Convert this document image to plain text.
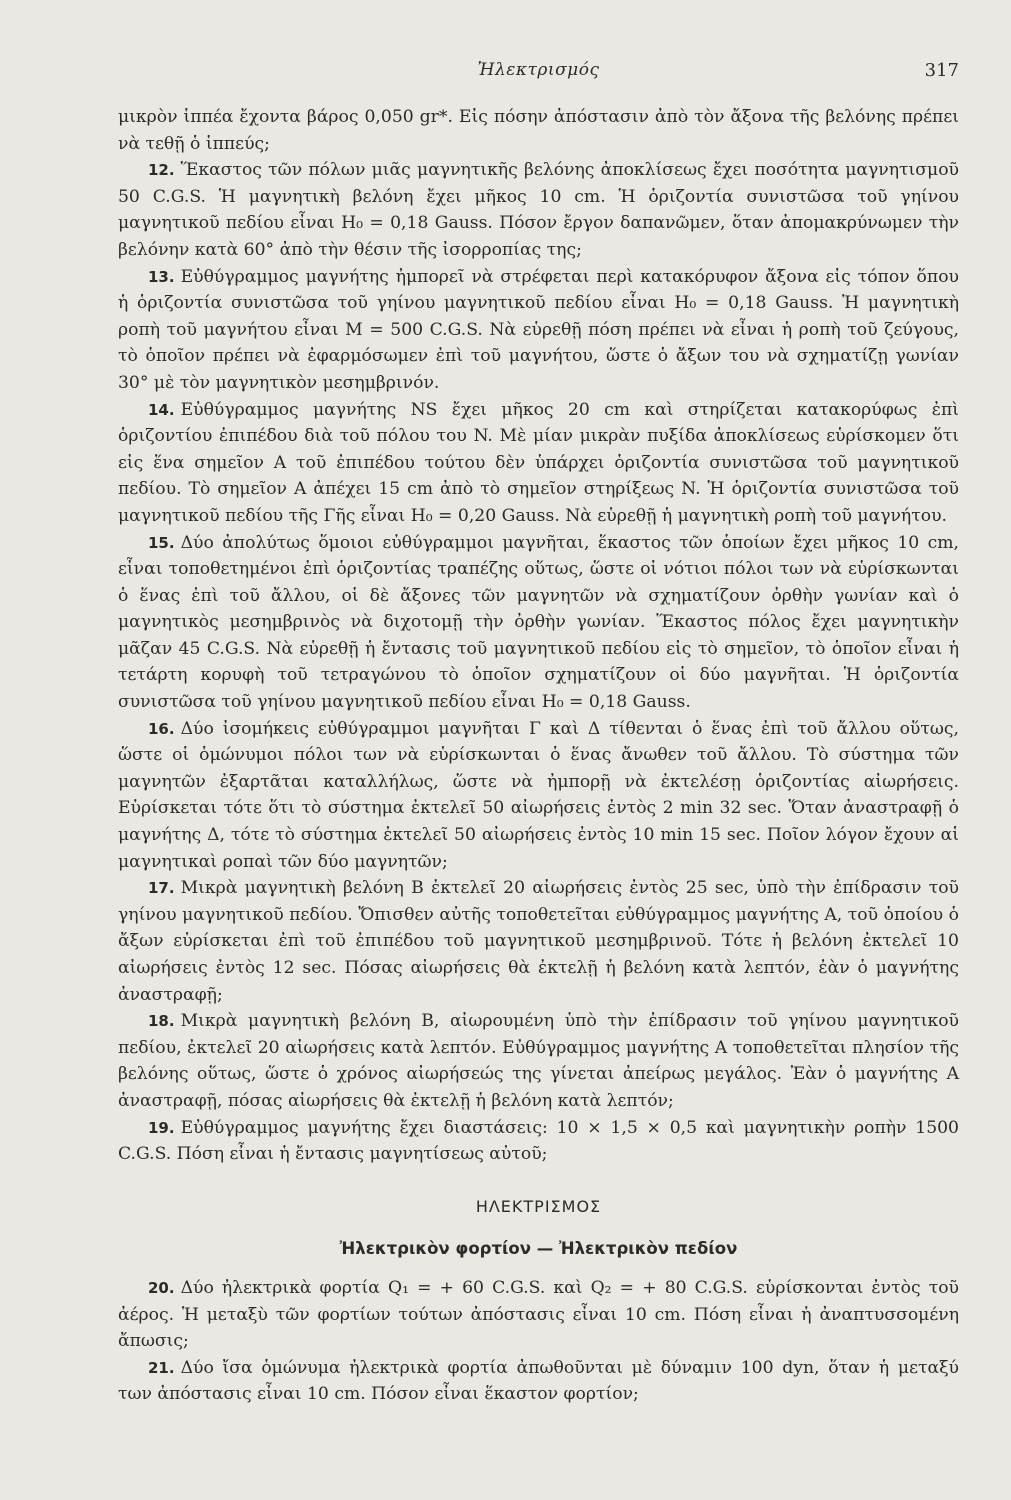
Ἠλεκτρισμός	317

μικρὸν ἱππέα ἔχοντα βάρος 0,050 gr*. Εἰς πόσην ἀπόστασιν ἀπὸ τὸν ἄξονα τῆς βελόνης πρέπει νὰ τεθῇ ὁ ἱππεύς;

12. Ἕκαστος τῶν πόλων μιᾶς μαγνητικῆς βελόνης ἀποκλίσεως ἔχει ποσότητα μαγνητισμοῦ 50 C.G.S. Ἡ μαγνητικὴ βελόνη ἔχει μῆκος 10 cm. Ἡ ὁριζοντία συνιστῶσα τοῦ γηίνου μαγνητικοῦ πεδίου εἶναι H₀ = 0,18 Gauss. Πόσον ἔργον δαπανῶμεν, ὅταν ἀπομακρύνωμεν τὴν βελόνην κατὰ 60° ἀπὸ τὴν θέσιν τῆς ἰσορροπίας της;

13. Εὐθύγραμμος μαγνήτης ἠμπορεῖ νὰ στρέφεται περὶ κατακόρυφον ἄξονα εἰς τόπον ὅπου ἡ ὁριζοντία συνιστῶσα τοῦ γηίνου μαγνητικοῦ πεδίου εἶναι H₀ = 0,18 Gauss. Ἡ μαγνητικὴ ροπὴ τοῦ μαγνήτου εἶναι M = 500 C.G.S. Νὰ εὑρεθῇ πόση πρέπει νὰ εἶναι ἡ ροπὴ τοῦ ζεύγους, τὸ ὁποῖον πρέπει νὰ ἐφαρμόσωμεν ἐπὶ τοῦ μαγνήτου, ὥστε ὁ ἄξων του νὰ σχηματίζῃ γωνίαν 30° μὲ τὸν μαγνητικὸν μεσημβρινόν.

14. Εὐθύγραμμος μαγνήτης NS ἔχει μῆκος 20 cm καὶ στηρίζεται κατακορύφως ἐπὶ ὁριζοντίου ἐπιπέδου διὰ τοῦ πόλου του N. Μὲ μίαν μικρὰν πυξίδα ἀποκλίσεως εὑρίσκομεν ὅτι εἰς ἕνα σημεῖον A τοῦ ἐπιπέδου τούτου δὲν ὑπάρχει ὁριζοντία συνιστῶσα τοῦ μαγνητικοῦ πεδίου. Τὸ σημεῖον A ἀπέχει 15 cm ἀπὸ τὸ σημεῖον στηρίξεως N. Ἡ ὁριζοντία συνιστῶσα τοῦ μαγνητικοῦ πεδίου τῆς Γῆς εἶναι H₀ = 0,20 Gauss. Νὰ εὑρεθῇ ἡ μαγνητικὴ ροπὴ τοῦ μαγνήτου.

15. Δύο ἀπολύτως ὅμοιοι εὐθύγραμμοι μαγνῆται, ἕκαστος τῶν ὁποίων ἔχει μῆκος 10 cm, εἶναι τοποθετημένοι ἐπὶ ὁριζοντίας τραπέζης οὕτως, ὥστε οἱ νότιοι πόλοι των νὰ εὑρίσκωνται ὁ ἕνας ἐπὶ τοῦ ἄλλου, οἱ δὲ ἄξονες τῶν μαγνητῶν νὰ σχηματίζουν ὀρθὴν γωνίαν καὶ ὁ μαγνητικὸς μεσημβρινὸς νὰ διχοτομῇ τὴν ὀρθὴν γωνίαν. Ἕκαστος πόλος ἔχει μαγνητικὴν μᾶζαν 45 C.G.S. Νὰ εὑρεθῇ ἡ ἔντασις τοῦ μαγνητικοῦ πεδίου εἰς τὸ σημεῖον, τὸ ὁποῖον εἶναι ἡ τετάρτη κορυφὴ τοῦ τετραγώνου τὸ ὁποῖον σχηματίζουν οἱ δύο μαγνῆται. Ἡ ὁριζοντία συνιστῶσα τοῦ γηίνου μαγνητικοῦ πεδίου εἶναι H₀ = 0,18 Gauss.

16. Δύο ἰσομήκεις εὐθύγραμμοι μαγνῆται Γ καὶ Δ τίθενται ὁ ἕνας ἐπὶ τοῦ ἄλλου οὕτως, ὥστε οἱ ὁμώνυμοι πόλοι των νὰ εὑρίσκωνται ὁ ἕνας ἄνωθεν τοῦ ἄλλου. Τὸ σύστημα τῶν μαγνητῶν ἐξαρτᾶται καταλλήλως, ὥστε νὰ ἠμπορῇ νὰ ἐκτελέσῃ ὁριζοντίας αἰωρήσεις. Εὑρίσκεται τότε ὅτι τὸ σύστημα ἐκτελεῖ 50 αἰωρήσεις ἐντὸς 2 min 32 sec. Ὅταν ἀναστραφῇ ὁ μαγνήτης Δ, τότε τὸ σύστημα ἐκτελεῖ 50 αἰωρήσεις ἐντὸς 10 min 15 sec. Ποῖον λόγον ἔχουν αἱ μαγνητικαὶ ροπαὶ τῶν δύο μαγνητῶν;

17. Μικρὰ μαγνητικὴ βελόνη B ἐκτελεῖ 20 αἰωρήσεις ἐντὸς 25 sec, ὑπὸ τὴν ἐπίδρασιν τοῦ γηίνου μαγνητικοῦ πεδίου. Ὄπισθεν αὐτῆς τοποθετεῖται εὐθύγραμμος μαγνήτης A, τοῦ ὁποίου ὁ ἄξων εὑρίσκεται ἐπὶ τοῦ ἐπιπέδου τοῦ μαγνητικοῦ μεσημβρινοῦ. Τότε ἡ βελόνη ἐκτελεῖ 10 αἰωρήσεις ἐντὸς 12 sec. Πόσας αἰωρήσεις θὰ ἐκτελῇ ἡ βελόνη κατὰ λεπτόν, ἐὰν ὁ μαγνήτης ἀναστραφῇ;

18. Μικρὰ μαγνητικὴ βελόνη B, αἰωρουμένη ὑπὸ τὴν ἐπίδρασιν τοῦ γηίνου μαγνητικοῦ πεδίου, ἐκτελεῖ 20 αἰωρήσεις κατὰ λεπτόν. Εὐθύγραμμος μαγνήτης A τοποθετεῖται πλησίον τῆς βελόνης οὕτως, ὥστε ὁ χρόνος αἰωρήσεώς της γίνεται ἀπείρως μεγάλος. Ἐὰν ὁ μαγνήτης A ἀναστραφῇ, πόσας αἰωρήσεις θὰ ἐκτελῇ ἡ βελόνη κατὰ λεπτόν;

19. Εὐθύγραμμος μαγνήτης ἔχει διαστάσεις: 10 × 1,5 × 0,5 καὶ μαγνητικὴν ροπὴν 1500 C.G.S. Πόση εἶναι ἡ ἔντασις μαγνητίσεως αὐτοῦ;

ΗΛΕΚΤΡΙΣΜΟΣ
Ἠλεκτρικὸν φορτίον — Ἠλεκτρικὸν πεδίον

20. Δύο ἠλεκτρικὰ φορτία Q₁ = + 60 C.G.S. καὶ Q₂ = + 80 C.G.S. εὑρίσκονται ἐντὸς τοῦ ἀέρος. Ἡ μεταξὺ τῶν φορτίων τούτων ἀπόστασις εἶναι 10 cm. Πόση εἶναι ἡ ἀναπτυσσομένη ἄπωσις;

21. Δύο ἴσα ὁμώνυμα ἠλεκτρικὰ φορτία ἀπωθοῦνται μὲ δύναμιν 100 dyn, ὅταν ἡ μεταξύ των ἀπόστασις εἶναι 10 cm. Πόσον εἶναι ἕκαστον φορτίον;
